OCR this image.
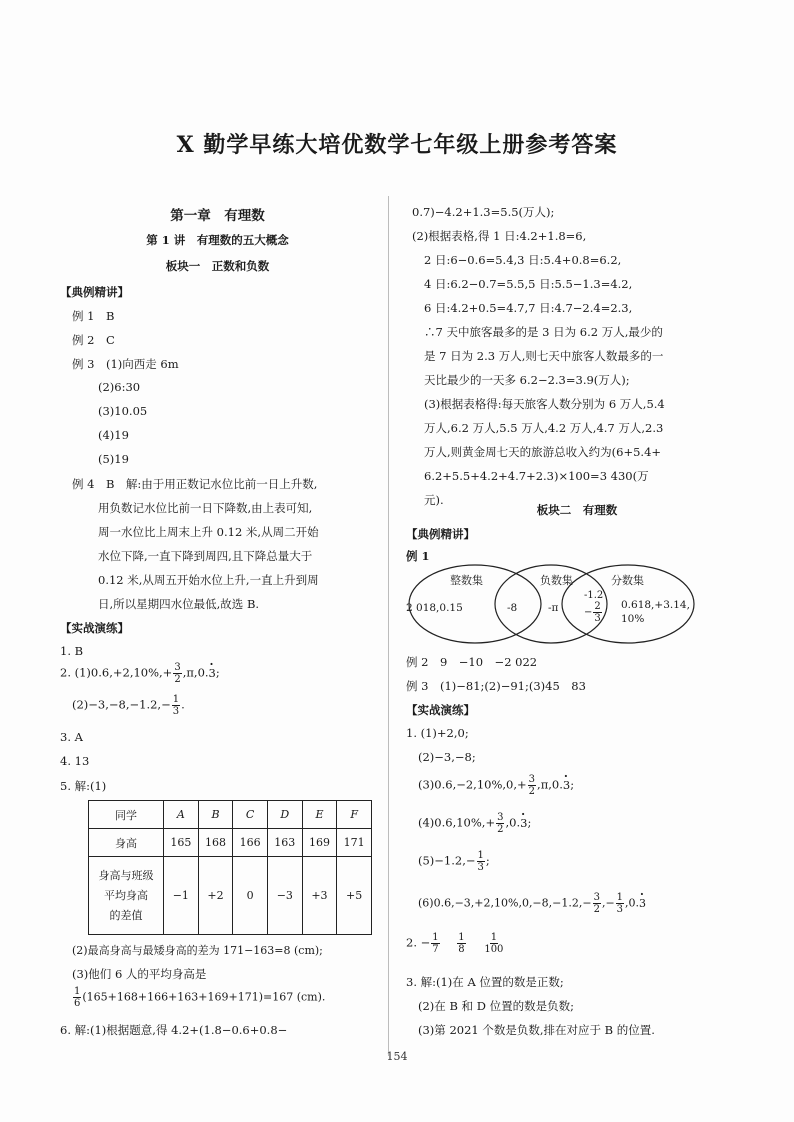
X 勤学早练大培优数学七年级上册参考答案
第一章　有理数
第 1 讲　有理数的五大概念
板块一　正数和负数
【典例精讲】
例 1　B
例 2　C
例 3　(1)向西走 6m
(2)6:30
(3)10.05
(4)19
(5)19
例 4　B　解:由于用正数记水位比前一日上升数,
用负数记水位比前一日下降数,由上表可知,
周一水位比上周末上升 0.12 米,从周二开始
水位下降,一直下降到周四,且下降总量大于
0.12 米,从周五开始水位上升,一直上升到周
日,所以星期四水位最低,故选 B.
【实战演练】
1. B
2. $(1)0.6,+2,10\%,+ \frac{3}{2} ,\pi,0.3$ ·;
$(2)-3,-8,-1.2,- \frac{1}{3}$ .
3. A
4. 13
5. 解:(1)
同学	A	B	C	D	E	F
身高	165	168	166	163	169	171

身高与班级
平均身高
的差值	−1	+2	0	−3	+3	+5
(2)最高身高与最矮身高的差为 171−163=8 (cm);
(3)他们 6 人的平均身高是
$\frac{1}{6} (165+168+166+163+169+171)=167$ (cm).
6. 解:(1)根据题意,得 4.2+(1.8−0.6+0.8−
0.7)−4.2+1.3=5.5(万人);
(2)根据表格,得 1 日:4.2+1.8=6,
2 日:6−0.6=5.4,3 日:5.4+0.8=6.2,
4 日:6.2−0.7=5.5,5 日:5.5−1.3=4.2,
6 日:4.2+0.5=4.7,7 日:4.7−2.4=2.3,
∴7 天中旅客最多的是 3 日为 6.2 万人,最少的
是 7 日为 2.3 万人,则七天中旅客人数最多的一
天比最少的一天多 6.2−2.3=3.9(万人);
(3)根据表格得:每天旅客人数分别为 6 万人,5.4
万人,6.2 万人,5.5 万人,4.2 万人,4.7 万人,2.3
万人,则黄金周七天的旅游总收入约为(6+5.4+
6.2+5.5+4.2+4.7+2.3)×100=3 430(万
元).
板块二　有理数
【典例精讲】
例 1
整数集	负数集	分数集
2 018,0.15	-8	-π
-1.2
− $\frac{2}{3} 0.618,+3.14$,
10%
例 2　9　−10　−2 022
例 3　(1)−81;(2)−91;(3)45　83
【实战演练】
1. (1)+2,0;
(2)−3,−8;
$(3)0.6,-2,10\%,0,+ \frac{3}{2} ,\pi,0.3$ ·;
$(4)0.6,10\%,+ \frac{3}{2} ,0.3$ ·;
$(5)-1.2,- \frac{1}{3}$ ;
$(6)0.6,-3,+2,10\%,0,-8,-1.2,- \frac{3}{2}$ ,− $\frac{1}{3} ,0.3$ ·
2. − $\frac{1}{7}$
$\frac{1}{8}$
$\frac{1}{100}$
3. 解:(1)在 A 位置的数是正数;
(2)在 B 和 D 位置的数是负数;
(3)第 2021 个数是负数,排在对应于 B 的位置.
154
